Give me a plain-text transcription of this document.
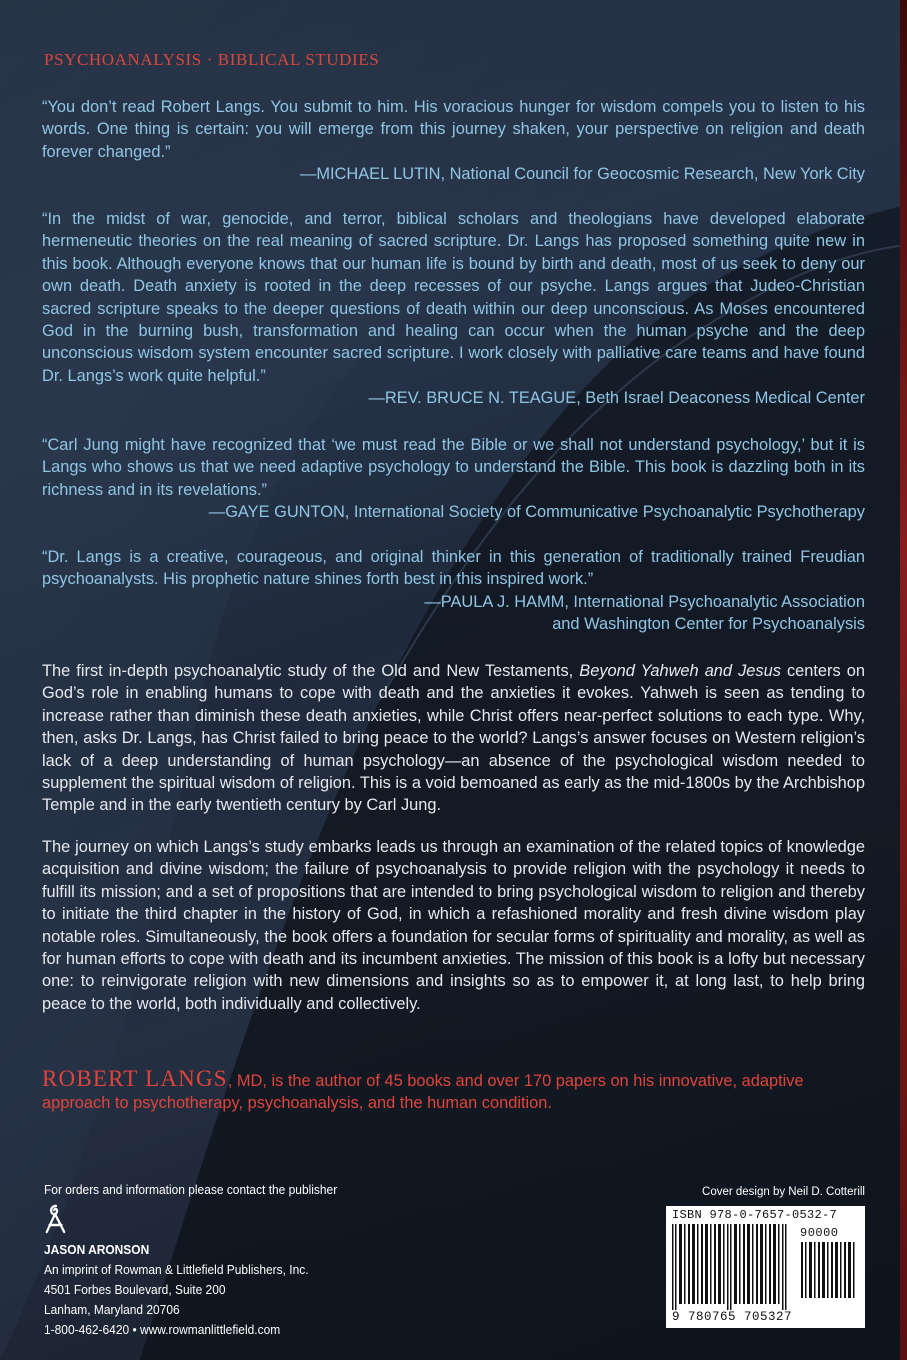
PSYCHOANALYSIS · BIBLICAL STUDIES

“You don’t read Robert Langs. You submit to him. His voracious hunger for wisdom compels you to listen to his words. One thing is certain: you will emerge from this journey shaken, your perspective on religion and death forever changed.”

—MICHAEL LUTIN, National Council for Geocosmic Research, New York City

“In the midst of war, genocide, and terror, biblical scholars and theologians have developed elaborate hermeneutic theories on the real meaning of sacred scripture. Dr. Langs has proposed something quite new in this book. Although everyone knows that our human life is bound by birth and death, most of us seek to deny our own death. Death anxiety is rooted in the deep recesses of our psyche. Langs argues that Judeo-Christian sacred scripture speaks to the deeper questions of death within our deep unconscious. As Moses encountered God in the burning bush, transformation and healing can occur when the human psyche and the deep unconscious wisdom system encounter sacred scripture. I work closely with palliative care teams and have found Dr. Langs’s work quite helpful.”

—REV. BRUCE N. TEAGUE, Beth Israel Deaconess Medical Center

“Carl Jung might have recognized that ‘we must read the Bible or we shall not understand psychology,’ but it is Langs who shows us that we need adaptive psychology to understand the Bible. This book is dazzling both in its richness and in its revelations.”

—GAYE GUNTON, International Society of Communicative Psychoanalytic Psychotherapy

“Dr. Langs is a creative, courageous, and original thinker in this generation of traditionally trained Freudian psychoanalysts. His prophetic nature shines forth best in this inspired work.”

—PAULA J. HAMM, International Psychoanalytic Association

and Washington Center for Psychoanalysis

The first in-depth psychoanalytic study of the Old and New Testaments, Beyond Yahweh and Jesus centers on God’s role in enabling humans to cope with death and the anxieties it evokes. Yahweh is seen as tending to increase rather than diminish these death anxieties, while Christ offers near-perfect solutions to each type. Why, then, asks Dr. Langs, has Christ failed to bring peace to the world? Langs’s answer focuses on Western religion’s lack of a deep understanding of human psychology—an absence of the psychological wisdom needed to supplement the spiritual wisdom of religion. This is a void bemoaned as early as the mid-1800s by the Archbishop Temple and in the early twentieth century by Carl Jung.

The journey on which Langs’s study embarks leads us through an examination of the related topics of knowledge acquisition and divine wisdom; the failure of psychoanalysis to provide religion with the psychology it needs to fulfill its mission; and a set of propositions that are intended to bring psychological wisdom to religion and thereby to initiate the third chapter in the history of God, in which a refashioned morality and fresh divine wisdom play notable roles. Simultaneously, the book offers a foundation for secular forms of spirituality and morality, as well as for human efforts to cope with death and its incumbent anxieties. The mission of this book is a lofty but necessary one: to reinvigorate religion with new dimensions and insights so as to empower it, at long last, to help bring peace to the world, both individually and collectively.

ROBERT LANGS, MD, is the author of 45 books and over 170 papers on his innovative, adaptive approach to psychotherapy, psychoanalysis, and the human condition.
For orders and information please contact the publisher
JASON ARONSON
An imprint of Rowman & Littlefield Publishers, Inc.
4501 Forbes Boulevard, Suite 200
Lanham, Maryland 20706
1-800-462-6420 • www.rowmanlittlefield.com
Cover design by Neil D. Cotterill
ISBN 978-0-7657-0532-7
90000
9 780765 705327
